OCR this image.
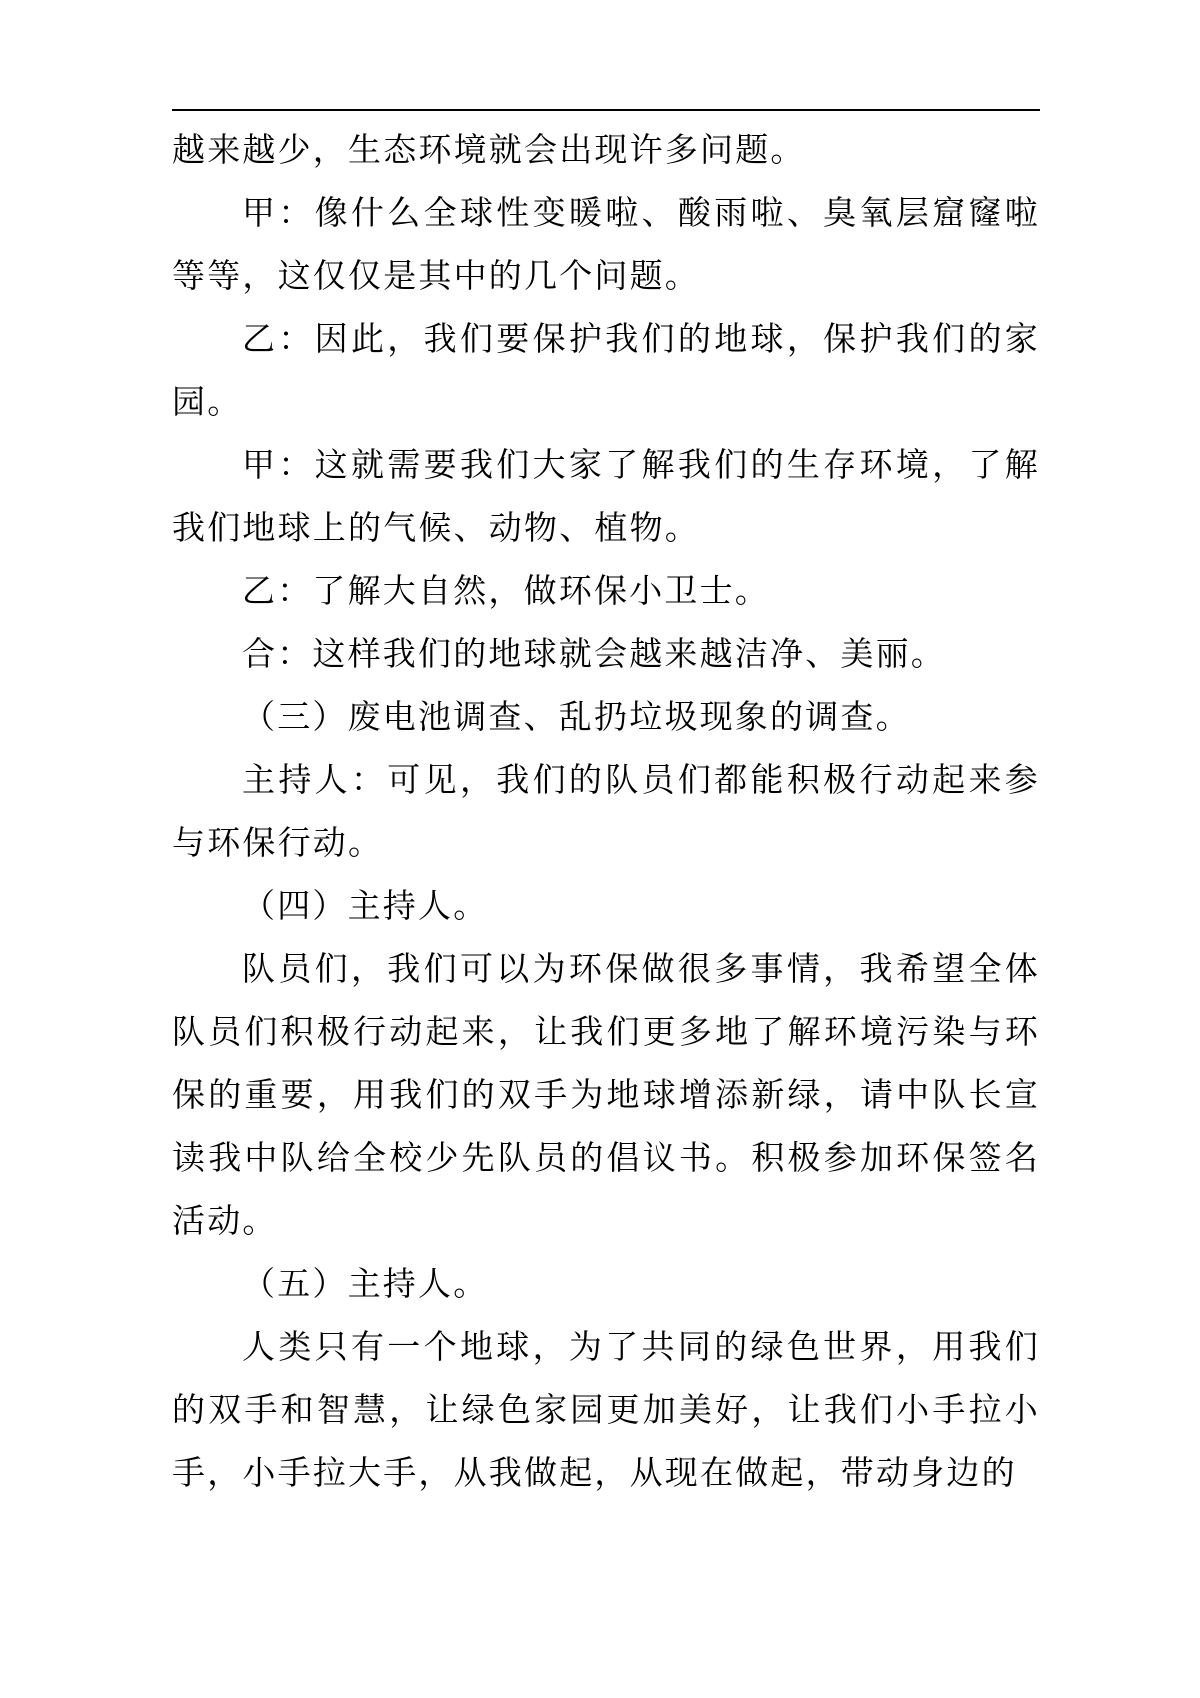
越来越少，生态环境就会出现许多问题。

甲：像什么全球性变暖啦、酸雨啦、臭氧层窟窿啦等等，这仅仅是其中的几个问题。

乙：因此，我们要保护我们的地球，保护我们的家园。

甲：这就需要我们大家了解我们的生存环境，了解我们地球上的气候、动物、植物。

乙：了解大自然，做环保小卫士。

合：这样我们的地球就会越来越洁净、美丽。

（三）废电池调查、乱扔垃圾现象的调查。

主持人：可见，我们的队员们都能积极行动起来参与环保行动。

（四）主持人。

队员们，我们可以为环保做很多事情，我希望全体队员们积极行动起来，让我们更多地了解环境污染与环保的重要，用我们的双手为地球增添新绿，请中队长宣读我中队给全校少先队员的倡议书。积极参加环保签名活动。

（五）主持人。

人类只有一个地球，为了共同的绿色世界，用我们的双手和智慧，让绿色家园更加美好，让我们小手拉小手，小手拉大手，从我做起，从现在做起，带动身边的
